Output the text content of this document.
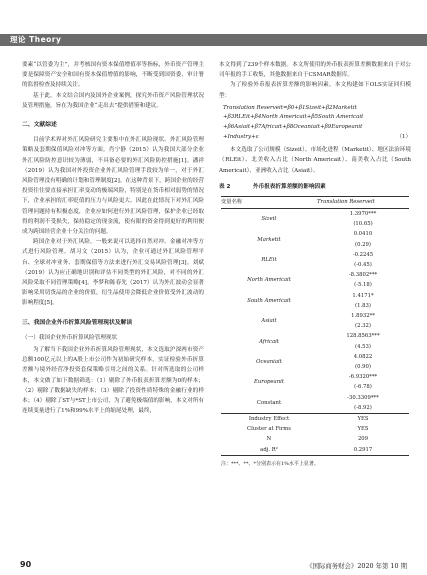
理论 Theory

要素“以管委为主”，并考核国有资本保值增值率等指标，外币资产管理主要是保障资产安全和国有资本保值增值的影响，不断受到国资委、审计署的监督检查及持续关注。

基于此，本文结合国内及国外企业案例，探究外币资产风险管理状况及管理措施，旨在为我国企业“走出去”提供借鉴和建议。

二、文献综述

目前学术界对外汇风险研究主要集中在外汇风险现状、外汇风险管理策略及套期保值风险对冲等方面。肖宁静（2015）认为我国大部分企业外汇风险防控意识较为薄弱，不具备必要的外汇风险防控措施[1]。潘祥（2019）认为我国对外投资企业外汇风险管理手段较为单一，对于外汇风险管理没有明确的计划和管理制度[2]。在这种背景下，跨国企业的经营投资往往要直接承担汇率变动的极端风险，特别是在货币相对弱势的情况下，企业承担的汇率贬值的压力与风险更大。因此在此情况下对外汇风险管理问题持有积极态度，企业应如何进行外汇风险管理，保护企业已经取得的利润不受损失，保持稳定的现金流，使有限的资金得到更好的利用便成为跨国经营企业十分关注的问题。

跨国企业对于外汇风险，一般来说可以选择自然对冲、金融对冲等方式进行风险管理。胡习文（2015）认为，企业可通过外汇风险管理平台、全球对冲业务、套期保值等方法来进行外汇交易风险管理[3]。刘斌（2019）认为应正确地识别和评估不同类型的外汇风险，对不同的外汇风险采取不同管理策略[4]。李梦和陈春先（2017）认为外汇波动会显著影响采用切货品的企业的价值，衍生品使用会降低企业价值受外汇波动的影响程度[5]。

三、我国企业外币折算风险管理现状及解读
（一）我国企业外币折算风险管理现状

为了解当下我国企业外币折算风险管理现状，本文选取沪深两市资产总额100亿元以上的A股上市公司作为初始研究样本，实证检验外币折算差额与境外经营净投资套保策略引用之间的关系。针对所选取的公司样本，本文做了如下数据筛选：（1）剔除了外币报表折算差额为0的样本；（2）剔除了数据缺失的样本；（3）剔除了投资性质特殊的金融行业的样本；（4）剔除了ST与*ST上市公司，为了避免极端值的影响，本文对所有连续变量进行了1%和99%水平上的缩尾处理，最终，

本文得到了239个样本数据。本文所使用的外币报表折算差额数据来自于对公司年报的手工收集，其他数据来自于CSMAR数据库。

为了检验外币报表折算差额的影响因素，本文构建如下OLS实证回归模型：

Translation Reserveit=β0+β1Sizeit+β2Marketit
+β3RLEit+β4North Americait+β5South Americait
+β6Asiait+β7Africait+β8Oceaniait+β9Europeanit
+Industry+ε	（1）

本文选取了公司规模（Sizeit）、市场化进程（Marketit）、地区法治环境（RLEit）、北美收入占比（North Americait）、南美收入占比（South Americait）、亚洲收入占比（Asiait）、

表 2	外币报表折算差额的影响因素
变量名称	Translation Reserveit
Sizeit	1.3970***
	(10.65)
Marketit	0.0410
	(0.29)
RLEit	-0.2245
	(-0.45)
North Americait	-8.3802***
	(-5.18)
South Americait	1.4171*
	(1.83)
Asiait	1.8932**
	(2.32)
Africait	128.8563***
	(4.53)
Oceaniait	4.0822
	(0.90)
Europeanit	-6.9320***
	(-6.78)
Constant	-30.3309***
	(-8.92)
Industry Effect	YES
Cluster at Firms	YES
N	209
adj. R²	0.2917
注：***、**、*分别表示在1%水平上显著。
90	《国际商务财会》2020 年第 10 期
